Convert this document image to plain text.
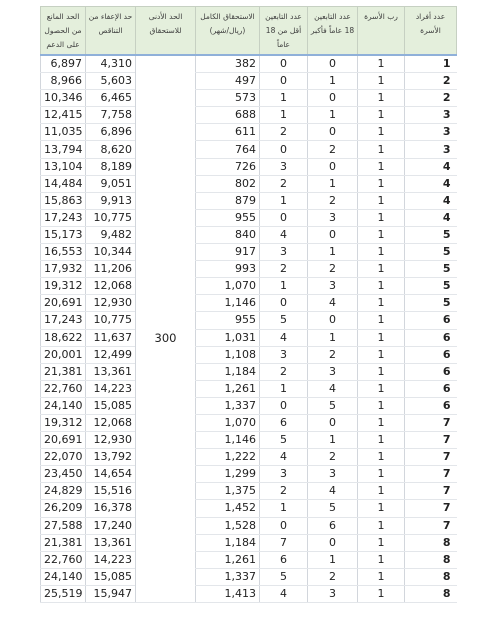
عدد أفراد الأسرة	رب الأسرة	عدد التابعين 18 عاماً فأكبر	عدد التابعين أقل من 18 عاماً	الاستحقاق الكامل (ريال/شهر)	الحد الأدنى للاستحقاق	حد الإعفاء من التناقص	الحد المانع من الحصول على الدعم
1	1	0	0	382		4,310	6,897
2	1	1	0	497		5,603	8,966
2	1	0	1	573		6,465	10,346
3	1	1	1	688		7,758	12,415
3	1	0	2	611		6,896	11,035
3	1	2	0	764		8,620	13,794
4	1	0	3	726		8,189	13,104
4	1	1	2	802		9,051	14,484
4	1	2	1	879		9,913	15,863
4	1	3	0	955		10,775	17,243
5	1	0	4	840		9,482	15,173
5	1	1	3	917		10,344	16,553
5	1	2	2	993		11,206	17,932
5	1	3	1	1,070		12,068	19,312
5	1	4	0	1,146		12,930	20,691
6	1	0	5	955		10,775	17,243
6	1	1	4	1,031	300	11,637	18,622
6	1	2	3	1,108		12,499	20,001
6	1	3	2	1,184		13,361	21,381
6	1	4	1	1,261		14,223	22,760
6	1	5	0	1,337		15,085	24,140
7	1	0	6	1,070		12,068	19,312
7	1	1	5	1,146		12,930	20,691
7	1	2	4	1,222		13,792	22,070
7	1	3	3	1,299		14,654	23,450
7	1	4	2	1,375		15,516	24,829
7	1	5	1	1,452		16,378	26,209
7	1	6	0	1,528		17,240	27,588
8	1	0	7	1,184		13,361	21,381
8	1	1	6	1,261		14,223	22,760
8	1	2	5	1,337		15,085	24,140
8	1	3	4	1,413		15,947	25,519
